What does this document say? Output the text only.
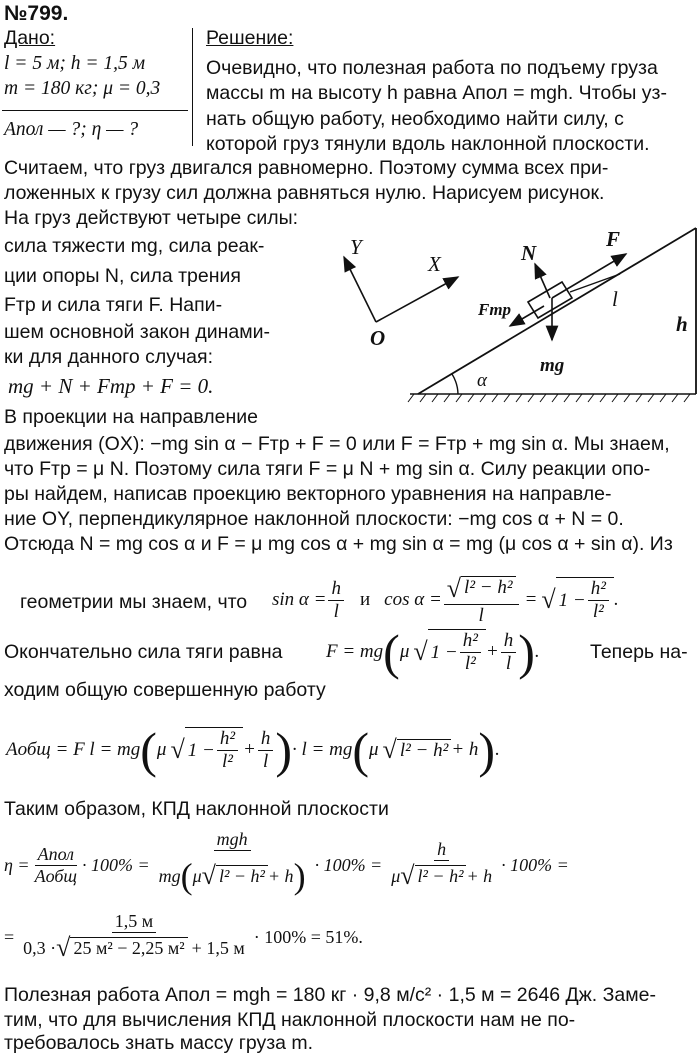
№799.
Дано:
l = 5 м; h = 1,5 м
m = 180 кг; μ = 0,3
Aпол — ?; η — ?
Решение:
Очевидно, что полезная работа по подъему груза
массы m на высоту h равна Aпол = mgh. Чтобы уз-
нать общую работу, необходимо найти силу, с
которой груз тянули вдоль наклонной плоскости.
Считаем, что груз двигался равномерно. Поэтому сумма всех при-
ложенных к грузу сил должна равняться нулю. Нарисуем рисунок.
На груз действуют четыре силы:
сила тяжести mg, сила реак-
ции опоры N, сила трения
Fтр и сила тяги F. Напи-
шем основной закон динами-
ки для данного случая:
mg + N + Fтр + F = 0.
В проекции на направление
Y
X
O
N
F
Fтр	l
h
mg
α
движения (OX): −mg sin α − Fтр + F = 0 или F = Fтр + mg sin α. Мы знаем,
что Fтр = μ N. Поэтому сила тяги F = μ N + mg sin α. Силу реакции опо-
ры найдем, написав проекцию векторного уравнения на направле-
ние OY, перпендикулярное наклонной плоскости: −mg cos α + N = 0.
Отсюда N = mg cos α и F = μ mg cos α + mg sin α = mg (μ cos α + sin α). Из
геометрии мы знаем, что $\sin \alpha = \frac{h}{l}$ и $\cos \alpha = \frac{\text{√ l² − h²}}{l}$ = √ $1 - \frac{\text{h²}}{\text{l²}}$ .
Окончательно сила тяги равна F = mg ( μ √ $1 - \frac{\text{h²}}{\text{l²}} + \frac{h}{l}$ ) .	Теперь на-
ходим общую совершенную работу
Aобщ = F l = mg ( μ √ $1 - \frac{\text{h²}}{\text{l²}} + \frac{h}{l}$ ) · l = mg ( μ √ l² − h² + h ) .
Таким образом, КПД наклонной плоскости
$\eta = \frac{\text{Aпол}}{\text{Aобщ}} \cdot 100\% = \frac{\text{mgh}}{\text{mg ( μ √ l² − h² + h )}} \cdot 100\% = \frac{h}{\text{μ √ l² − h² + h}} \cdot 100\%$ =
= $\frac{1,5 м}{\text{0,3 · √ 25 м² − 2,25 м² + 1,5 м}} \cdot 100\% = 51\%$.
Полезная работа Aпол = mgh = 180 кг · 9,8 м/с² · 1,5 м = 2646 Дж. Заме-
тим, что для вычисления КПД наклонной плоскости нам не по-
требовалось знать массу груза m.
